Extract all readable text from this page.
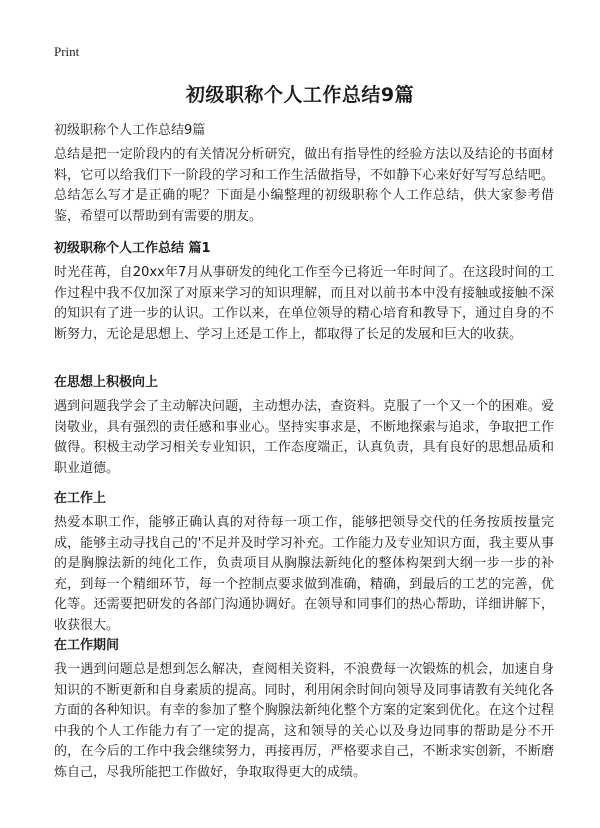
Print
初级职称个人工作总结9篇
初级职称个人工作总结9篇

总结是把一定阶段内的有关情况分析研究，做出有指导性的经验方法以及结论的书面材料，它可以给我们下一阶段的学习和工作生活做指导，不如静下心来好好写写总结吧。总结怎么写才是正确的呢？下面是小编整理的初级职称个人工作总结，供大家参考借鉴，希望可以帮助到有需要的朋友。

初级职称个人工作总结 篇1

时光荏苒，自20xx年7月从事研发的纯化工作至今已将近一年时间了。在这段时间的工作过程中我不仅加深了对原来学习的知识理解，而且对以前书本中没有接触或接触不深的知识有了进一步的认识。工作以来，在单位领导的精心培育和教导下，通过自身的不断努力，无论是思想上、学习上还是工作上，都取得了长足的发展和巨大的收获。

在思想上积极向上

遇到问题我学会了主动解决问题，主动想办法，查资料。克服了一个又一个的困难。爱岗敬业，具有强烈的责任感和事业心。坚持实事求是，不断地探索与追求，争取把工作做得。积极主动学习相关专业知识，工作态度端正，认真负责，具有良好的思想品质和职业道德。

在工作上

热爱本职工作，能够正确认真的对待每一项工作，能够把领导交代的任务按质按量完成，能够主动寻找自己的'不足并及时学习补充。工作能力及专业知识方面，我主要从事的是胸腺法新的纯化工作，负责项目从胸腺法新纯化的整体构架到大纲一步一步的补充，到每一个精细环节，每一个控制点要求做到准确，精确，到最后的工艺的完善，优化等。还需要把研发的各部门沟通协调好。在领导和同事们的热心帮助，详细讲解下，收获很大。

在工作期间

我一遇到问题总是想到怎么解决，查阅相关资料，不浪费每一次锻炼的机会，加速自身知识的不断更新和自身素质的提高。同时，利用闲余时间向领导及同事请教有关纯化各方面的各种知识。有幸的参加了整个胸腺法新纯化整个方案的定案到优化。在这个过程中我的个人工作能力有了一定的提高，这和领导的关心以及身边同事的帮助是分不开的，在今后的工作中我会继续努力，再接再厉，严格要求自己，不断求实创新，不断磨炼自己，尽我所能把工作做好，争取取得更大的成绩。
